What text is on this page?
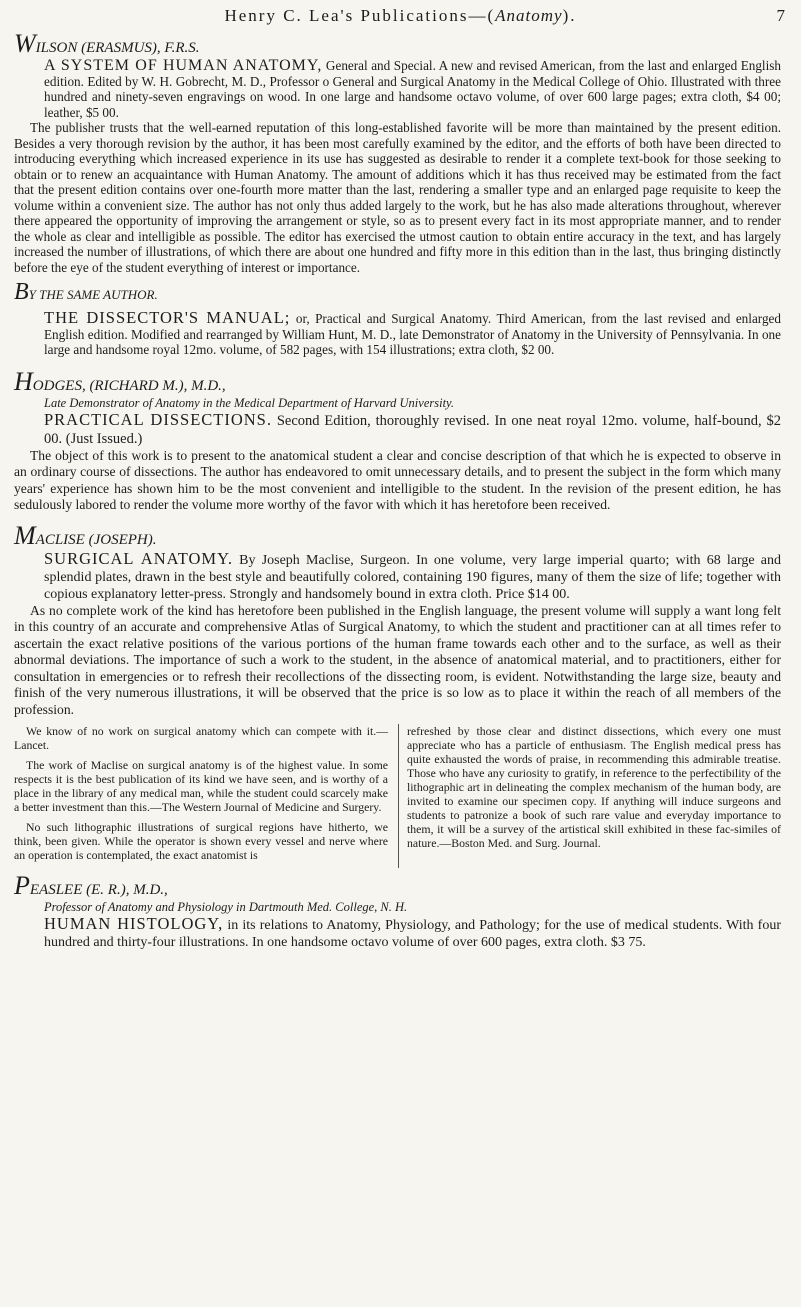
Henry C. Lea's Publications—(Anatomy).	7
WILSON (ERASMUS), F.R.S.

A SYSTEM OF HUMAN ANATOMY, General and Special. A new and revised American, from the last and enlarged English edition. Edited by W. H. Gobrecht, M. D., Professor o General and Surgical Anatomy in the Medical College of Ohio. Illustrated with three hundred and ninety-seven engravings on wood. In one large and handsome octavo volume, of over 600 large pages; extra cloth, $4 00; leather, $5 00.

The publisher trusts that the well-earned reputation of this long-established favorite will be more than maintained by the present edition. Besides a very thorough revision by the author, it has been most carefully examined by the editor, and the efforts of both have been directed to introducing everything which increased experience in its use has suggested as desirable to render it a complete text-book for those seeking to obtain or to renew an acquaintance with Human Anatomy. The amount of additions which it has thus received may be estimated from the fact that the present edition contains over one-fourth more matter than the last, rendering a smaller type and an enlarged page requisite to keep the volume within a convenient size. The author has not only thus added largely to the work, but he has also made alterations throughout, wherever there appeared the opportunity of improving the arrangement or style, so as to present every fact in its most appropriate manner, and to render the whole as clear and intelligible as possible. The editor has exercised the utmost caution to obtain entire accuracy in the text, and has largely increased the number of illustrations, of which there are about one hundred and fifty more in this edition than in the last, thus bringing distinctly before the eye of the student everything of interest or importance.

BY THE SAME AUTHOR.

THE DISSECTOR'S MANUAL; or, Practical and Surgical Anatomy. Third American, from the last revised and enlarged English edition. Modified and rearranged by William Hunt, M. D., late Demonstrator of Anatomy in the University of Pennsylvania. In one large and handsome royal 12mo. volume, of 582 pages, with 154 illustrations; extra cloth, $2 00.

HODGES, (RICHARD M.), M.D.,
Late Demonstrator of Anatomy in the Medical Department of Harvard University.

PRACTICAL DISSECTIONS. Second Edition, thoroughly revised. In one neat royal 12mo. volume, half-bound, $2 00. (Just Issued.)

The object of this work is to present to the anatomical student a clear and concise description of that which he is expected to observe in an ordinary course of dissections. The author has endeavored to omit unnecessary details, and to present the subject in the form which many years' experience has shown him to be the most convenient and intelligible to the student. In the revision of the present edition, he has sedulously labored to render the volume more worthy of the favor with which it has heretofore been received.

MACLISE (JOSEPH).

SURGICAL ANATOMY. By Joseph Maclise, Surgeon. In one volume, very large imperial quarto; with 68 large and splendid plates, drawn in the best style and beautifully colored, containing 190 figures, many of them the size of life; together with copious explanatory letter-press. Strongly and handsomely bound in extra cloth. Price $14 00.

As no complete work of the kind has heretofore been published in the English language, the present volume will supply a want long felt in this country of an accurate and comprehensive Atlas of Surgical Anatomy, to which the student and practitioner can at all times refer to ascertain the exact relative positions of the various portions of the human frame towards each other and to the surface, as well as their abnormal deviations. The importance of such a work to the student, in the absence of anatomical material, and to practitioners, either for consultation in emergencies or to refresh their recollections of the dissecting room, is evident. Notwithstanding the large size, beauty and finish of the very numerous illustrations, it will be observed that the price is so low as to place it within the reach of all members of the profession.

We know of no work on surgical anatomy which can compete with it.—Lancet.

The work of Maclise on surgical anatomy is of the highest value. In some respects it is the best publication of its kind we have seen, and is worthy of a place in the library of any medical man, while the student could scarcely make a better investment than this.—The Western Journal of Medicine and Surgery.

No such lithographic illustrations of surgical regions have hitherto, we think, been given. While the operator is shown every vessel and nerve where an operation is contemplated, the exact anatomist is

refreshed by those clear and distinct dissections, which every one must appreciate who has a particle of enthusiasm. The English medical press has quite exhausted the words of praise, in recommending this admirable treatise. Those who have any curiosity to gratify, in reference to the perfectibility of the lithographic art in delineating the complex mechanism of the human body, are invited to examine our specimen copy. If anything will induce surgeons and students to patronize a book of such rare value and everyday importance to them, it will be a survey of the artistical skill exhibited in these fac-similes of nature.—Boston Med. and Surg. Journal.

PEASLEE (E. R.), M.D.,
Professor of Anatomy and Physiology in Dartmouth Med. College, N. H.

HUMAN HISTOLOGY, in its relations to Anatomy, Physiology, and Pathology; for the use of medical students. With four hundred and thirty-four illustrations. In one handsome octavo volume of over 600 pages, extra cloth. $3 75.
